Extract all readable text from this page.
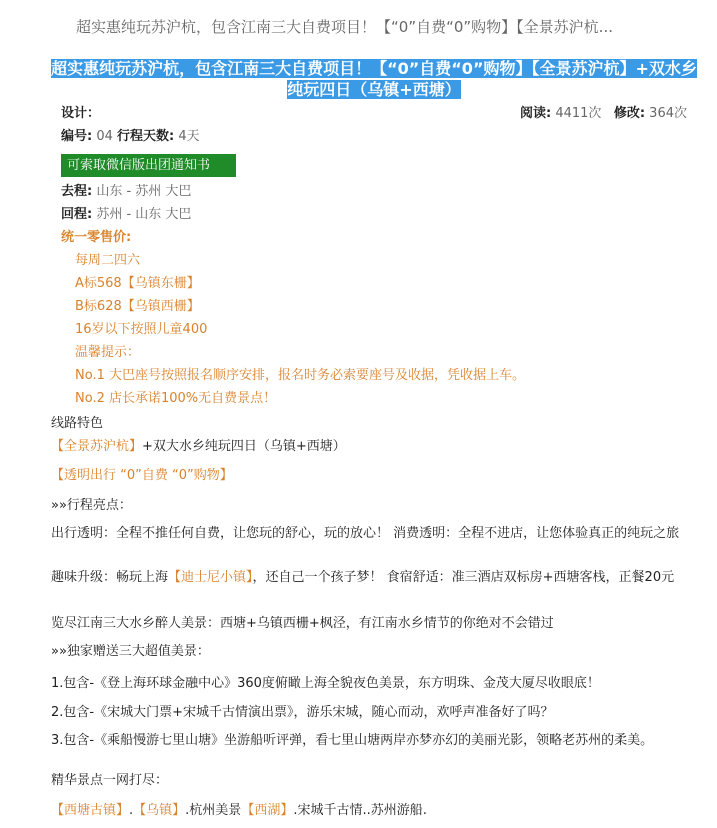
超实惠纯玩苏沪杭，包含江南三大自费项目！【“0”自费“0”购物】【全景苏沪杭...
超实惠纯玩苏沪杭，包含江南三大自费项目！【“0”自费“0”购物】【全景苏沪杭】+双水乡纯玩四日（乌镇+西塘）
设计：	阅读: 4411次 修改: 364次
编号: 04 行程天数: 4天
可索取微信版出团通知书
去程: 山东 - 苏州 大巴
回程: 苏州 - 山东 大巴
统一零售价:
每周二四六
A标568【乌镇东栅】
B标628【乌镇西栅】
16岁以下按照儿童400
温馨提示：
No.1 大巴座号按照报名顺序安排，报名时务必索要座号及收据，凭收据上车。
No.2 店长承诺100%无自费景点！
线路特色
【全景苏沪杭】+双大水乡纯玩四日（乌镇+西塘）
【透明出行 “0”自费 “0”购物】
»»行程亮点：
出行透明：全程不推任何自费，让您玩的舒心，玩的放心！ 消费透明：全程不进店，让您体验真正的纯玩之旅
趣味升级：畅玩上海【迪士尼小镇】，还自己一个孩子梦！ 食宿舒适：准三酒店双标房+西塘客栈，正餐20元
览尽江南三大水乡醉人美景：西塘+乌镇西栅+枫泾，有江南水乡情节的你绝对不会错过
»»独家赠送三大超值美景：
1.包含-《登上海环球金融中心》360度俯瞰上海全貌夜色美景，东方明珠、金茂大厦尽收眼底！
2.包含-《宋城大门票+宋城千古情演出票》，游乐宋城，随心而动，欢呼声准备好了吗？
3.包含-《乘船慢游七里山塘》坐游船听评弹，看七里山塘两岸亦梦亦幻的美丽光影，领略老苏州的柔美。
精华景点一网打尽：
【西塘古镇】.【乌镇】.杭州美景【西湖】.宋城千古情..苏州游船.
